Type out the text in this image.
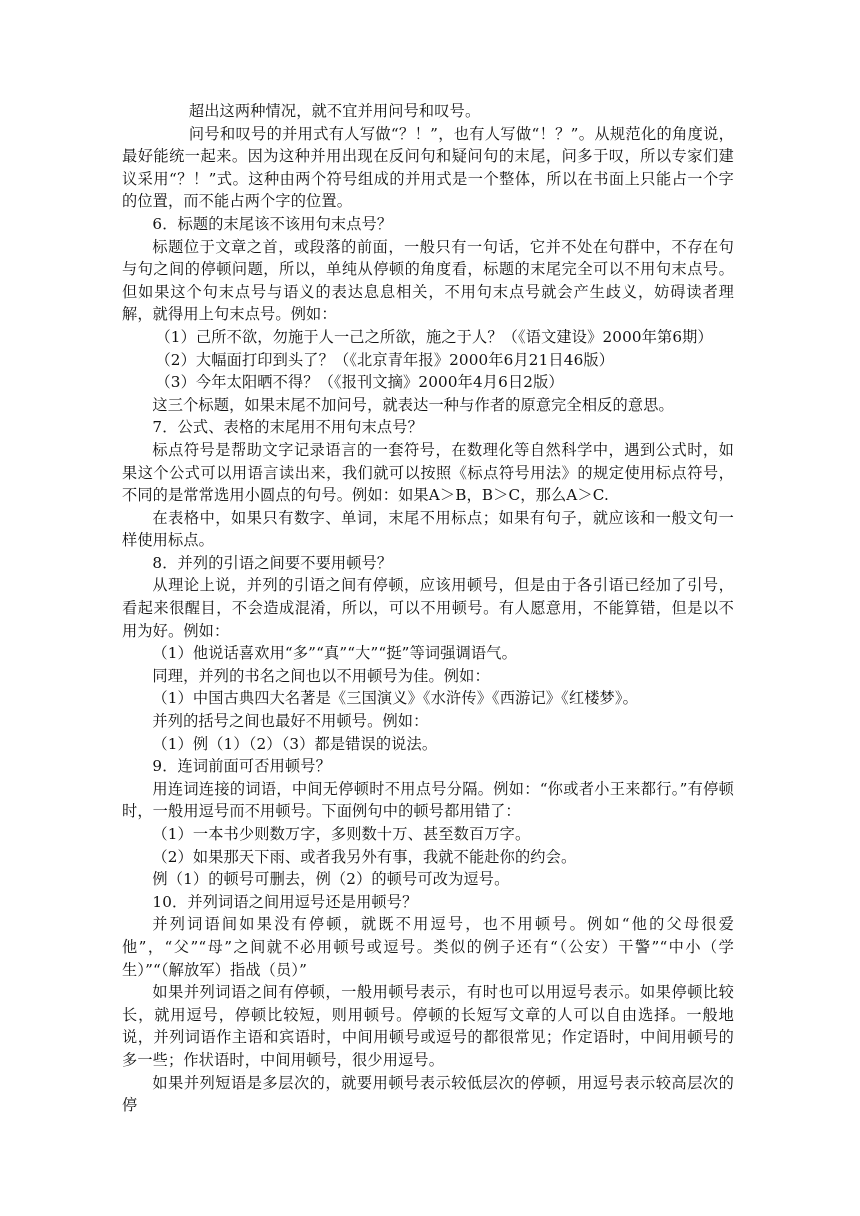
超出这两种情况，就不宜并用问号和叹号。

问号和叹号的并用式有人写做“？！”，也有人写做“！？”。从规范化的角度说，最好能统一起来。因为这种并用出现在反问句和疑问句的末尾，问多于叹，所以专家们建议采用“？！”式。这种由两个符号组成的并用式是一个整体，所以在书面上只能占一个字的位置，而不能占两个字的位置。

6．标题的末尾该不该用句末点号？

标题位于文章之首，或段落的前面，一般只有一句话，它并不处在句群中，不存在句与句之间的停顿问题，所以，单纯从停顿的角度看，标题的末尾完全可以不用句末点号。但如果这个句末点号与语义的表达息息相关，不用句末点号就会产生歧义，妨碍读者理解，就得用上句末点号。例如：

（1）己所不欲，勿施于人一己之所欲，施之于人？（《语文建设》2000年第6期）

（2）大幅面打印到头了？（《北京青年报》2000年6月21日46版）

（3）今年太阳晒不得？（《报刊文摘》2000年4月6日2版）

这三个标题，如果末尾不加问号，就表达一种与作者的原意完全相反的意思。

7．公式、表格的末尾用不用句末点号？

标点符号是帮助文字记录语言的一套符号，在数理化等自然科学中，遇到公式时，如果这个公式可以用语言读出来，我们就可以按照《标点符号用法》的规定使用标点符号，不同的是常常选用小圆点的句号。例如：如果A＞B，B＞C，那么A＞C.

在表格中，如果只有数字、单词，末尾不用标点；如果有句子，就应该和一般文句一样使用标点。

8．并列的引语之间要不要用顿号？

从理论上说，并列的引语之间有停顿，应该用顿号，但是由于各引语已经加了引号，看起来很醒目，不会造成混淆，所以，可以不用顿号。有人愿意用，不能算错，但是以不用为好。例如：

（1）他说话喜欢用“多”“真”“大”“挺”等词强调语气。

同理，并列的书名之间也以不用顿号为佳。例如：

（1）中国古典四大名著是《三国演义》《水浒传》《西游记》《红楼梦》。

并列的括号之间也最好不用顿号。例如：

（1）例（1）（2）（3）都是错误的说法。

9．连词前面可否用顿号？

用连词连接的词语，中间无停顿时不用点号分隔。例如：“你或者小王来都行。”有停顿时，一般用逗号而不用顿号。下面例句中的顿号都用错了：

（1）一本书少则数万字，多则数十万、甚至数百万字。

（2）如果那天下雨、或者我另外有事，我就不能赴你的约会。

例（1）的顿号可删去，例（2）的顿号可改为逗号。

10．并列词语之间用逗号还是用顿号？

并列词语间如果没有停顿，就既不用逗号，也不用顿号。例如“他的父母很爱他”，“父”“母”之间就不必用顿号或逗号。类似的例子还有“（公安）干警”“中小（学生）”“（解放军）指战（员）”

如果并列词语之间有停顿，一般用顿号表示，有时也可以用逗号表示。如果停顿比较长，就用逗号，停顿比较短，则用顿号。停顿的长短写文章的人可以自由选择。一般地说，并列词语作主语和宾语时，中间用顿号或逗号的都很常见；作定语时，中间用顿号的多一些；作状语时，中间用顿号，很少用逗号。

如果并列短语是多层次的，就要用顿号表示较低层次的停顿，用逗号表示较高层次的停
